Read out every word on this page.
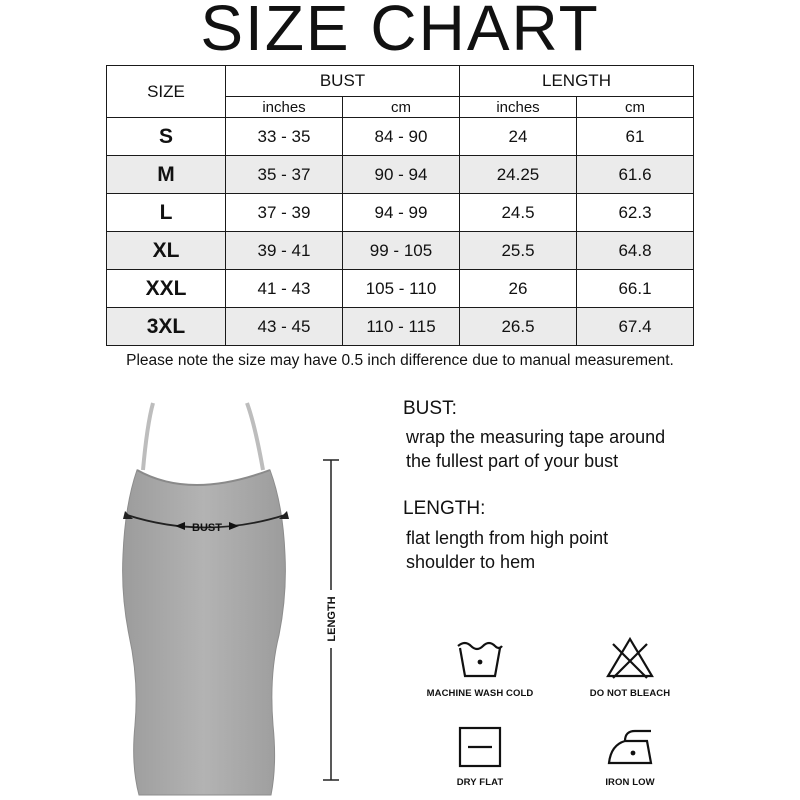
SIZE CHART
SIZE	BUST		LENGTH	
	inches	cm	inches	cm
S	33 - 35	84 - 90	24	61
M	35 - 37	90 - 94	24.25	61.6
L	37 - 39	94 - 99	24.5	62.3
XL	39 - 41	99 - 105	25.5	64.8
XXL	41 - 43	105 - 110	26	66.1
3XL	43 - 45	110 - 115	26.5	67.4
Please note the size may have 0.5 inch difference due to manual measurement.
BUST
LENGTH
BUST:
wrap the measuring tape around
the fullest part of your bust
LENGTH:
flat length from high point
shoulder to hem
MACHINE WASH COLD	DO NOT BLEACH
DRY FLAT	IRON LOW
